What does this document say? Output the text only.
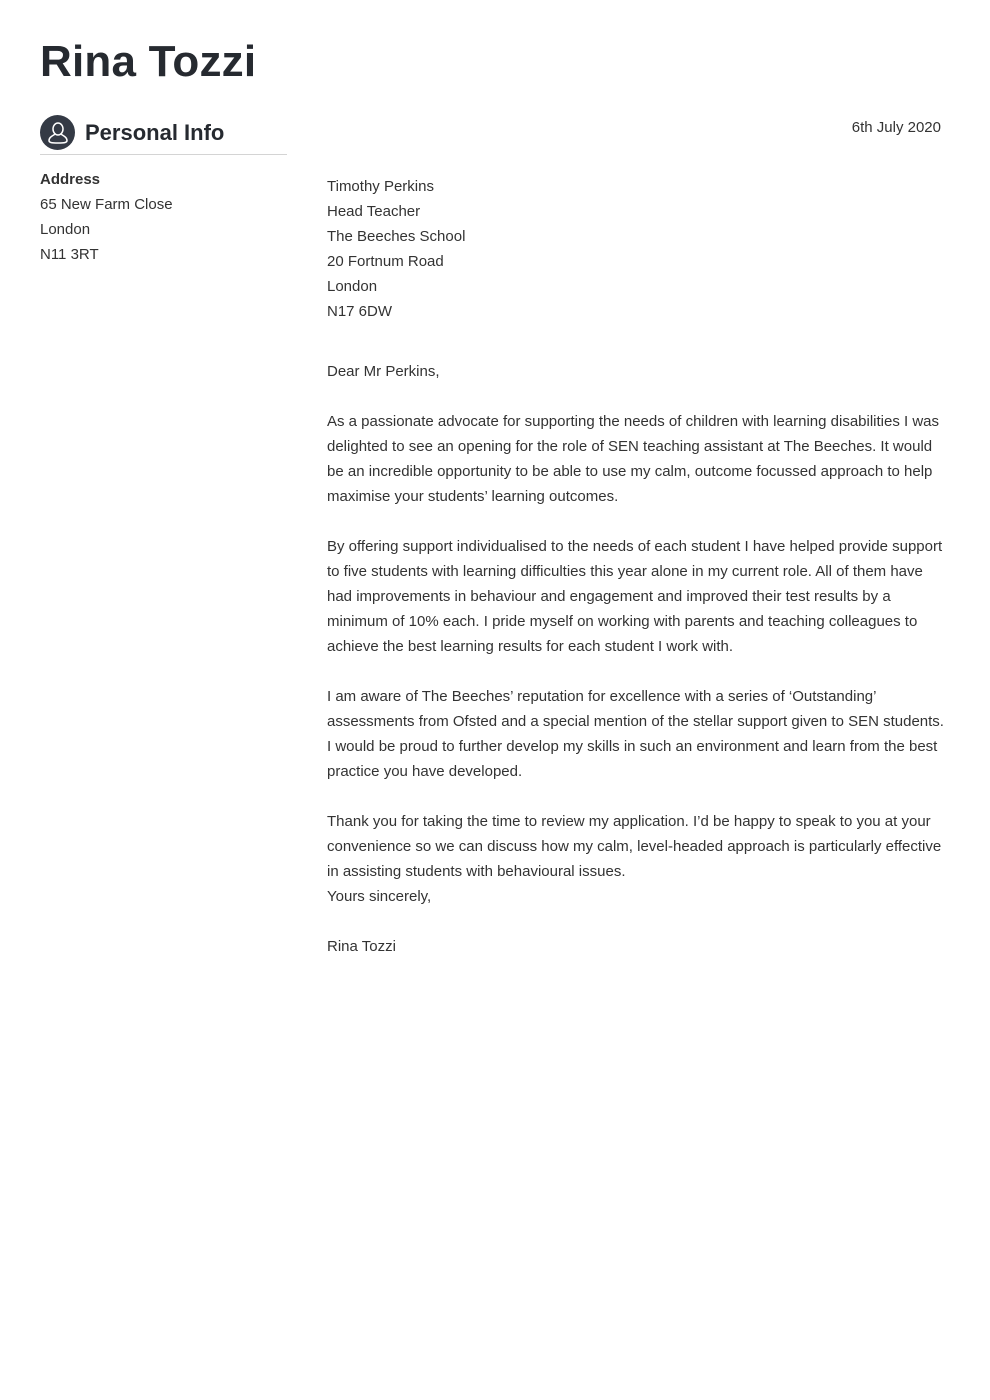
Rina Tozzi
Personal Info
Address
65 New Farm Close
London
N11 3RT
6th July 2020
Timothy Perkins
Head Teacher
The Beeches School
20 Fortnum Road
London
N17 6DW
Dear Mr Perkins,
As a passionate advocate for supporting the needs of children with learning disabilities I was delighted to see an opening for the role of SEN teaching assistant at The Beeches. It would be an incredible opportunity to be able to use my calm, outcome focussed approach to help maximise your students’ learning outcomes.
By offering support individualised to the needs of each student I have helped provide support to five students with learning difficulties this year alone in my current role. All of them have had improvements in behaviour and engagement and improved their test results by a minimum of 10% each. I pride myself on working with parents and teaching colleagues to achieve the best learning results for each student I work with.
I am aware of The Beeches’ reputation for excellence with a series of ‘Outstanding’ assessments from Ofsted and a special mention of the stellar support given to SEN students. I would be proud to further develop my skills in such an environment and learn from the best practice you have developed.
Thank you for taking the time to review my application. I’d be happy to speak to you at your convenience so we can discuss how my calm, level-headed approach is particularly effective in assisting students with behavioural issues.
Yours sincerely,
Rina Tozzi
